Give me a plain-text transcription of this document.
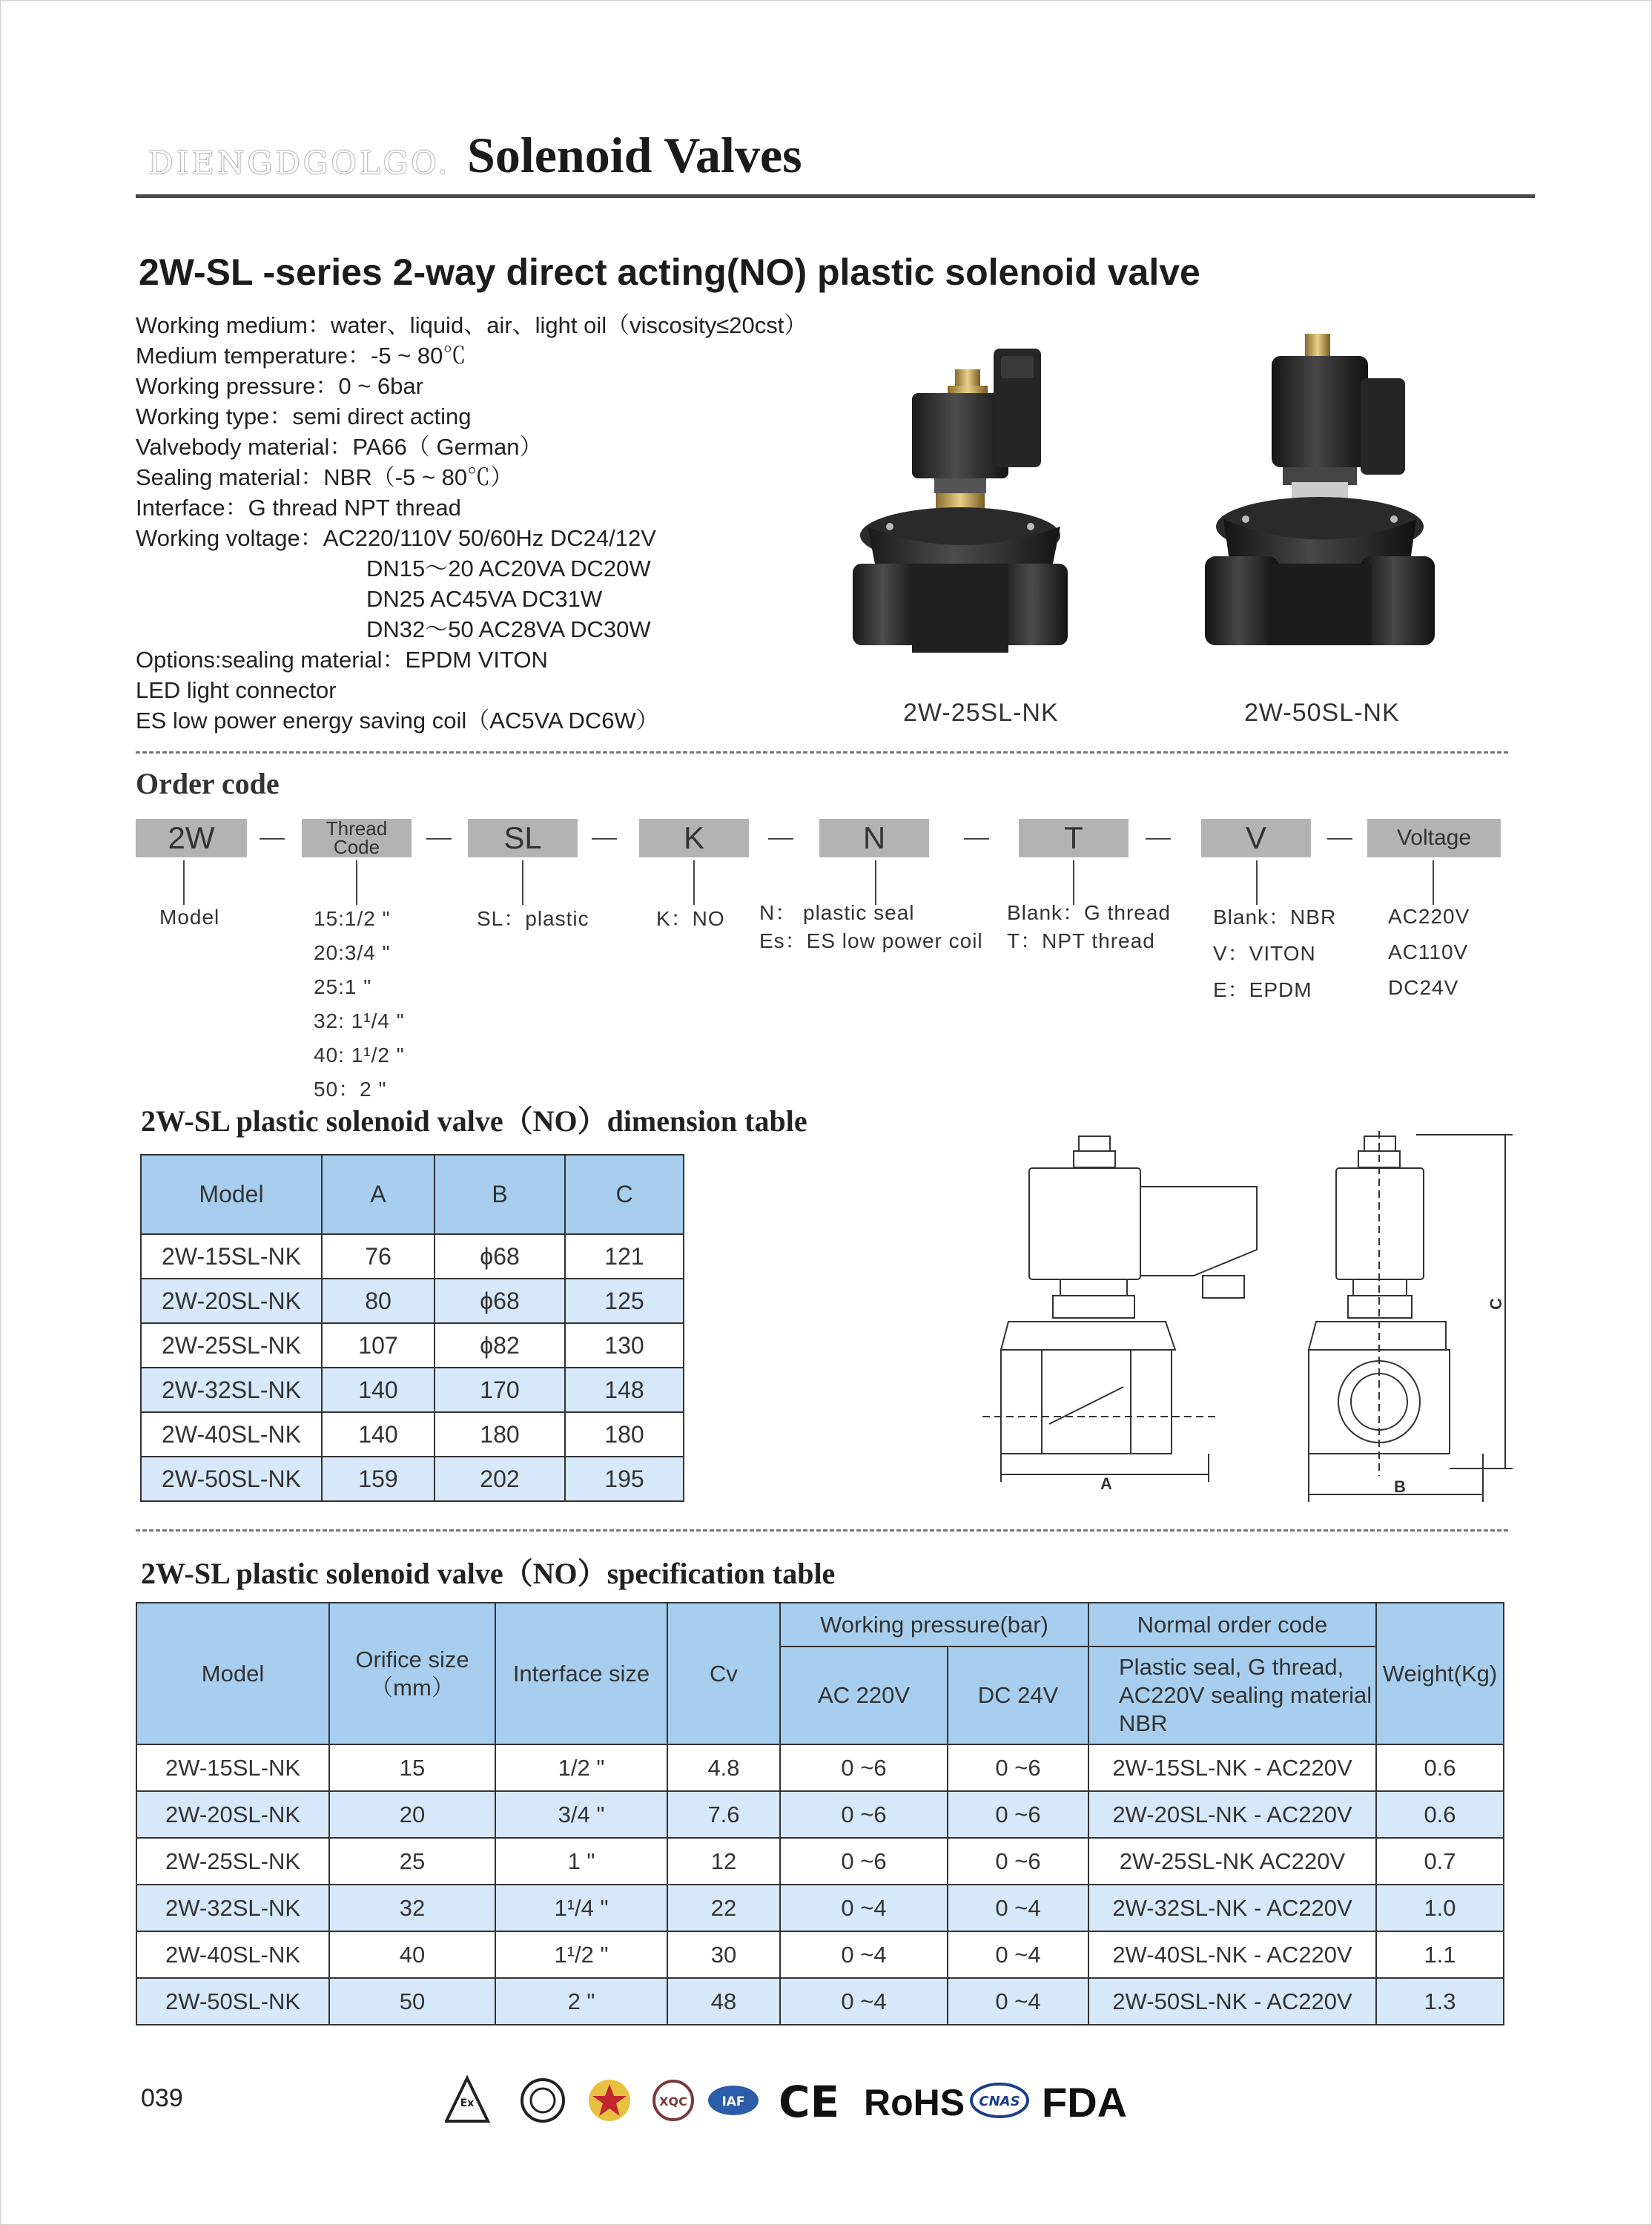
DIENGDGOLGO. Solenoid Valves
2W-SL -series 2-way direct acting(NO) plastic solenoid valve
Working medium：water、liquid、air、light oil（viscosity≤20cst）
Medium temperature：-5 ~ 80℃
Working pressure：0 ~ 6bar
Working type：semi direct acting
Valvebody material：PA66（ German）
Sealing material：NBR（-5 ~ 80℃）
Interface：G thread NPT thread
Working voltage：AC220/110V 50/60Hz DC24/12V
DN15～20 AC20VA DC20W
DN25 AC45VA DC31W
DN32～50 AC28VA DC30W
Options:sealing material：EPDM VITON
LED light connector
ES low power energy saving coil（AC5VA DC6W）	2W-25SL-NK	2W-50SL-NK
Order code
2W	Thread
Code	SL	K	N	T	V	Voltage
Model	15:1/2 "
20:3/4 "
25:1 "
32: 1¹/4 "
40: 1¹/2 "
50：2 "
SL：plastic	K：NO N： plastic seal
Es：ES low power coil
Blank：G thread
T：NPT thread
Blank：NBR
V：VITON
E：EPDM
AC220V
AC110V
DC24V
2W-SL plastic solenoid valve（NO）dimension table
Model	A	B	C
2W-15SL-NK	76	ϕ68	121
2W-20SL-NK	80	ϕ68	125
2W-25SL-NK	107	ϕ82	130
2W-32SL-NK	140	170	148
2W-40SL-NK	140	180	180
2W-50SL-NK	159	202	195	A	B
C
2W-SL plastic solenoid valve（NO）specification table
Model	Orifice size （mm）	Interface size	Cv	Working pressure(bar)		Normal order code	Weight(Kg)
				AC 220V	DC 24V	Plastic seal, G thread, AC220V sealing material NBR	
2W-15SL-NK	15	1/2 "	4.8	0 ~6	0 ~6	2W-15SL-NK - AC220V	0.6
2W-20SL-NK	20	3/4 "	7.6	0 ~6	0 ~6	2W-20SL-NK - AC220V	0.6
2W-25SL-NK	25	1 "	12	0 ~6	0 ~6	2W-25SL-NK AC220V	0.7
2W-32SL-NK	32	1¹/4 "	22	0 ~4	0 ~4	2W-32SL-NK - AC220V	1.0
2W-40SL-NK	40	1¹/2 "	30	0 ~4	0 ~4	2W-40SL-NK - AC220V	1.1
2W-50SL-NK	50	2 "	48	0 ~4	0 ~4	2W-50SL-NK - AC220V	1.3
039	Ex	XQC	IAF CE RoHS CNAS FDA
